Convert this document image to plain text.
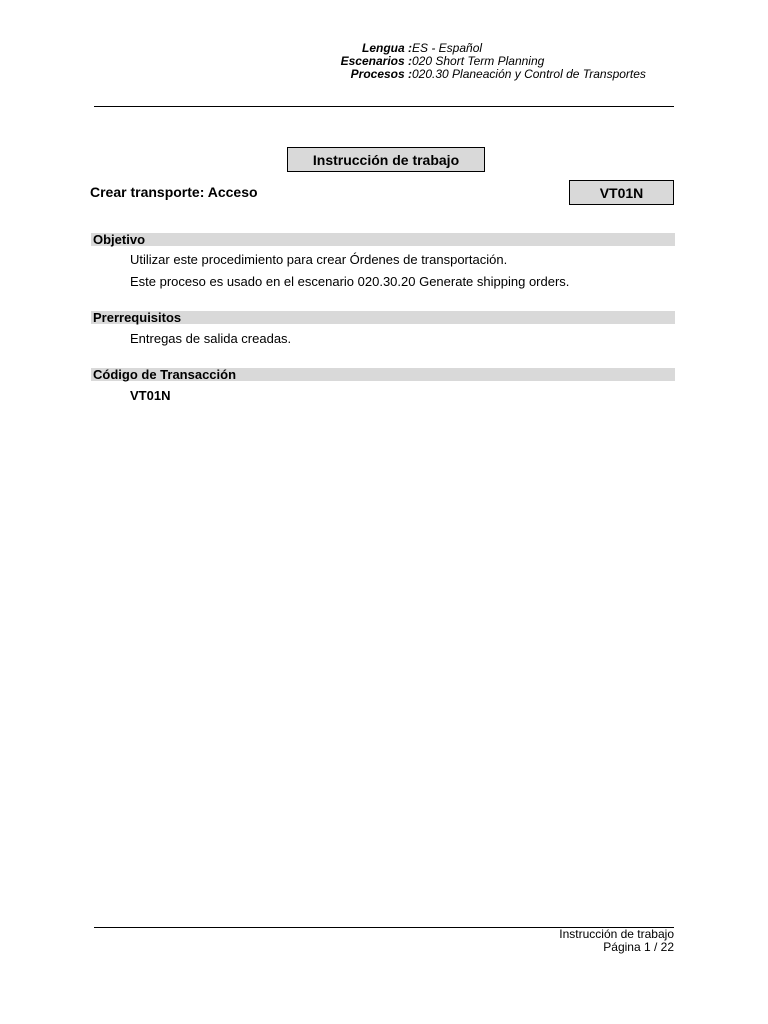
Lengua : ES - Español
Escenarios : 020 Short Term Planning
Procesos : 020.30 Planeación y Control de Transportes
Instrucción de trabajo
Crear transporte: Acceso	VT01N
Objetivo
Utilizar este procedimiento para crear Órdenes de transportación.
Este proceso es usado en el escenario 020.30.20 Generate shipping orders.
Prerrequisitos
Entregas de salida creadas.
Código de Transacción
VT01N
Instrucción de trabajo
Página 1 / 22
